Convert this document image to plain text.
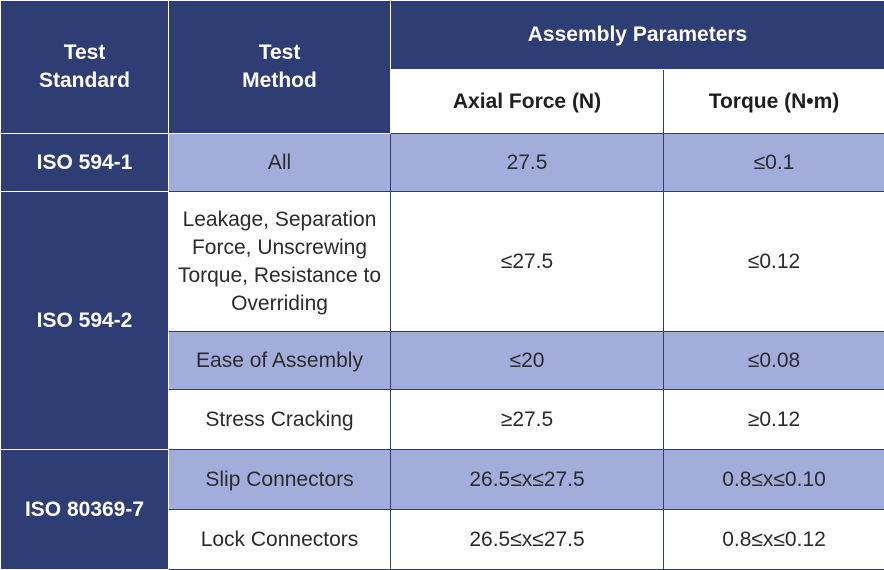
Test Standard	Test Method	Assembly Parameters	
		Axial Force (N)	Torque (N•m)
ISO 594-1	All	27.5	≤0.1
ISO 594-2	Leakage, Separation Force, Unscrewing Torque, Resistance to Overriding	≤27.5	≤0.12
	Ease of Assembly	≤20	≤0.08
	Stress Cracking	≥27.5	≥0.12
ISO 80369-7	Slip Connectors	26.5≤x≤27.5	0.8≤x≤0.10
	Lock Connectors	26.5≤x≤27.5	0.8≤x≤0.12
